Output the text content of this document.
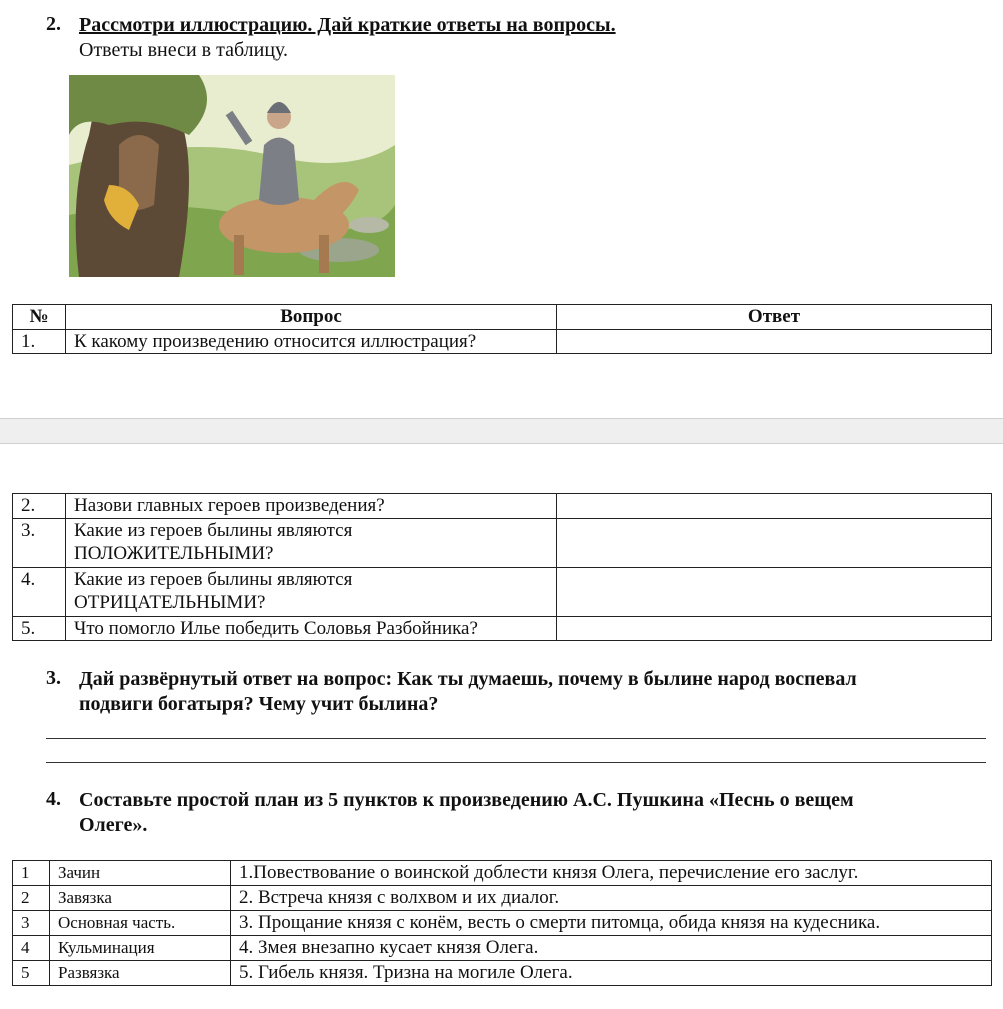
2. Рассмотри иллюстрацию. Дай краткие ответы на вопросы.
Ответы внеси в таблицу.
№	Вопрос	Ответ
1.	К какому произведению относится иллюстрация?	
2.	Назови главных героев произведения?	
3.	Какие из героев былины являются
ПОЛОЖИТЕЛЬНЫМИ?	
4.	Какие из героев былины являются
ОТРИЦАТЕЛЬНЫМИ?	
5.	Что помогло Илье победить Соловья Разбойника?	
3. Дай развёрнутый ответ на вопрос: Как ты думаешь, почему в былине народ воспевал
подвиги богатыря? Чему учит былина?
4. Составьте простой план из 5 пунктов к произведению А.С. Пушкина «Песнь о вещем
Олеге».
1	Зачин	1.Повествование о воинской доблести князя Олега, перечисление его заслуг.
2	Завязка	2. Встреча князя с волхвом и их диалог.
3	Основная часть.	3. Прощание князя с конём, весть о смерти питомца, обида князя на кудесника.
4	Кульминация	4. Змея внезапно кусает князя Олега.
5	Развязка	5. Гибель князя. Тризна на могиле Олега.
